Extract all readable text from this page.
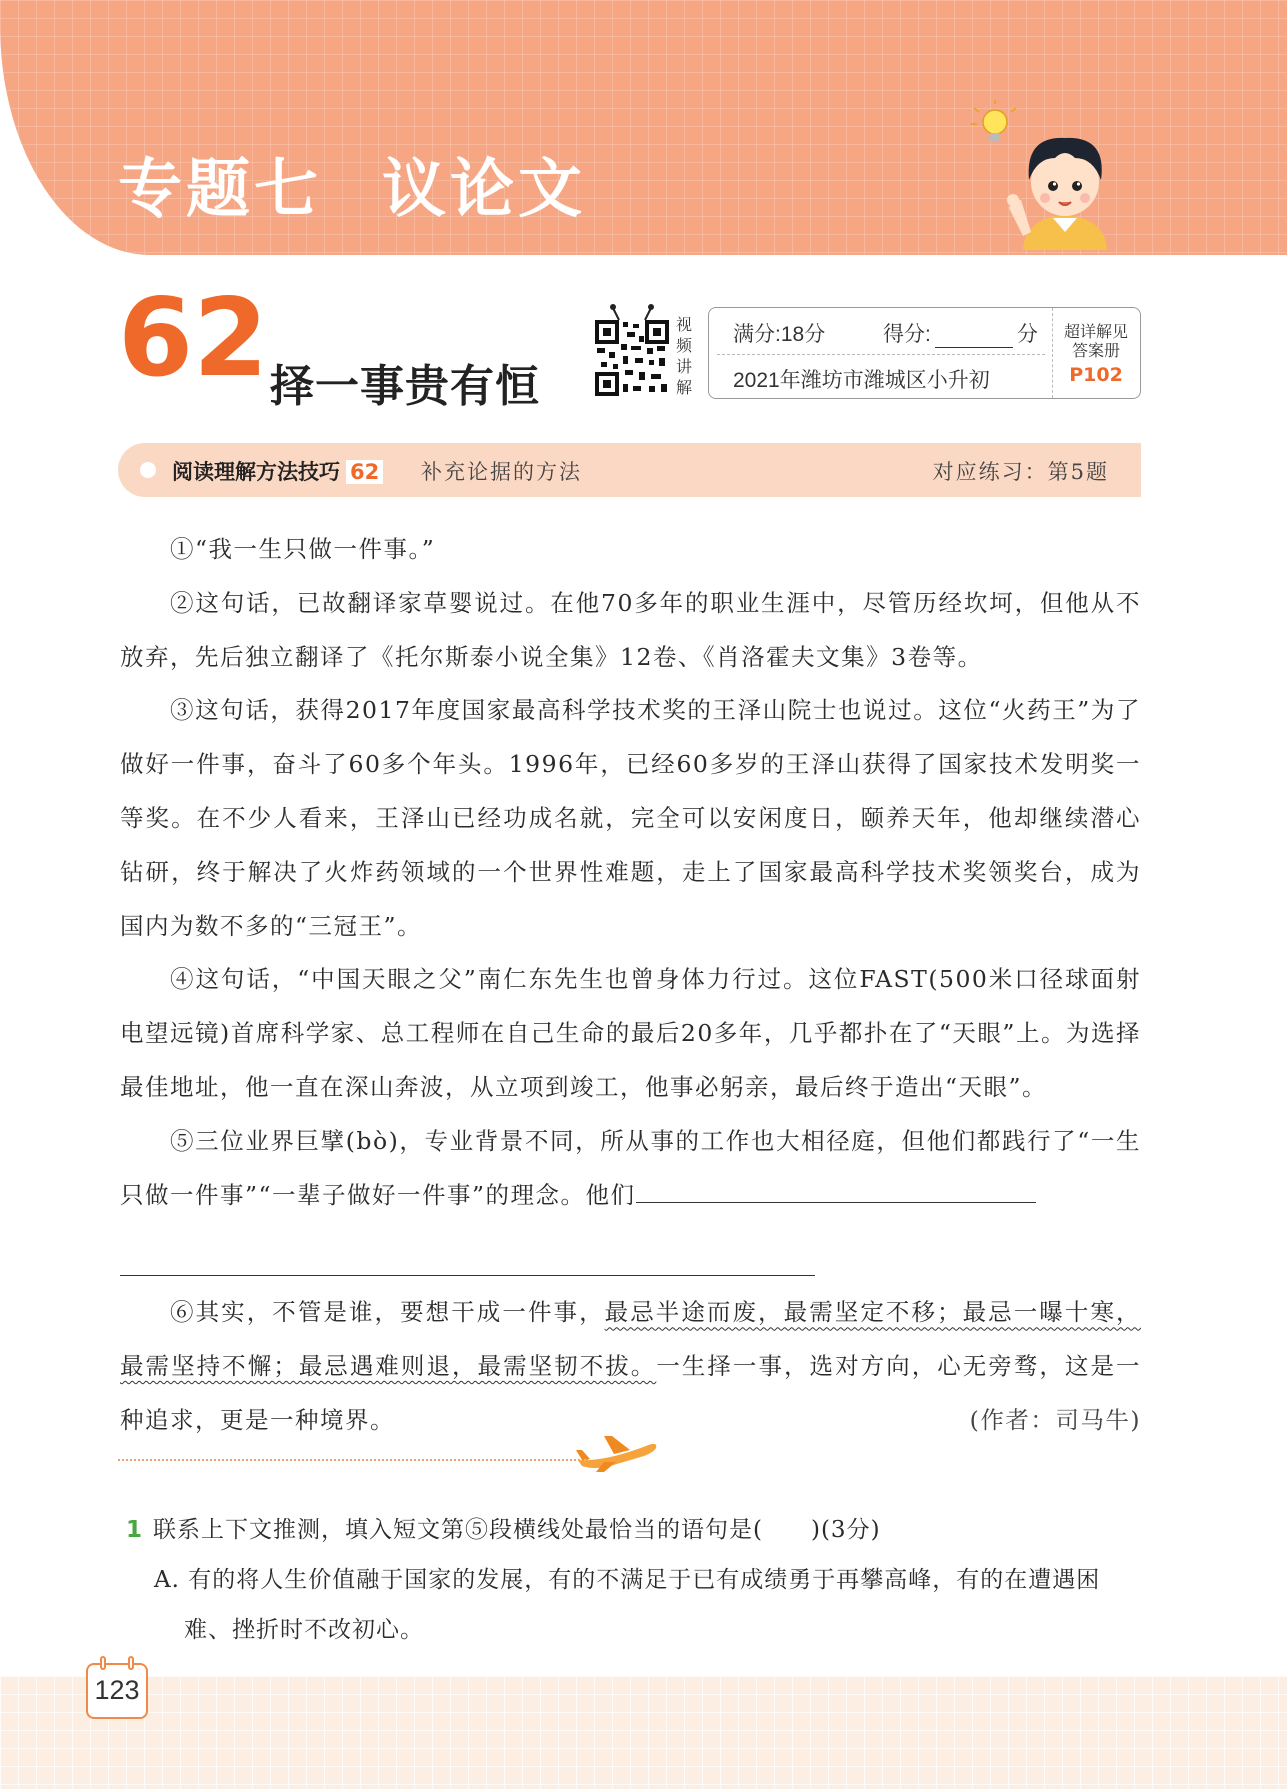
专题七 议论文
62 择一事贵有恒
视频讲解
满分:18分	得分:	分
2021年潍坊市潍城区小升初
超详解见答案册
P102
阅读理解方法技巧 62 补充论据的方法	对应练习：第5题

①“我一生只做一件事。”

②这句话，已故翻译家草婴说过。在他70多年的职业生涯中，尽管历经坎坷，但他从不放弃，先后独立翻译了《托尔斯泰小说全集》12卷、《肖洛霍夫文集》3卷等。

③这句话，获得2017年度国家最高科学技术奖的王泽山院士也说过。这位“火药王”为了做好一件事，奋斗了60多个年头。1996年，已经60多岁的王泽山获得了国家技术发明奖一等奖。在不少人看来，王泽山已经功成名就，完全可以安闲度日，颐养天年，他却继续潜心钻研，终于解决了火炸药领域的一个世界性难题，走上了国家最高科学技术奖领奖台，成为国内为数不多的“三冠王”。

④这句话，“中国天眼之父”南仁东先生也曾身体力行过。这位FAST(500米口径球面射电望远镜)首席科学家、总工程师在自己生命的最后20多年，几乎都扑在了“天眼”上。为选择最佳地址，他一直在深山奔波，从立项到竣工，他事必躬亲，最后终于造出“天眼”。

⑤三位业界巨擘(bò)，专业背景不同，所从事的工作也大相径庭，但他们都践行了“一生只做一件事”“一辈子做好一件事”的理念。他们

⑥其实，不管是谁，要想干成一件事，最忌半途而废，最需坚定不移；最忌一曝十寒，最需坚持不懈；最忌遇难则退，最需坚韧不拔。一生择一事，选对方向，心无旁骛，这是一种追求，更是一种境界。	(作者：司马牛)

1 联系上下文推测，填入短文第⑤段横线处最恰当的语句是(　　)(3分)
A. 有的将人生价值融于国家的发展，有的不满足于已有成绩勇于再攀高峰，有的在遭遇困
难、挫折时不改初心。
123
